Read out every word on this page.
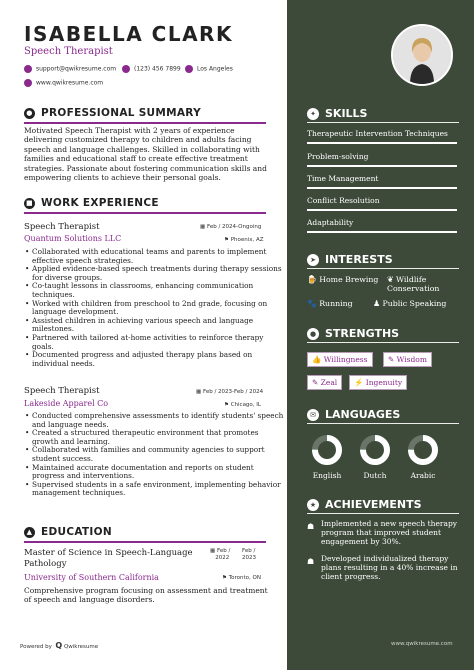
ISABELLA CLARK
Speech Therapist
support@qwikresume.com	(123) 456 7899	Los Angeles
www.qwikresume.com
● PROFESSIONAL SUMMARY
Motivated Speech Therapist with 2 years of experience delivering customized therapy to children and adults facing speech and language challenges. Skilled in collaborating with families and educational staff to create effective treatment strategies. Passionate about fostering communication skills and empowering clients to achieve their personal goals.
■ WORK EXPERIENCE
Speech Therapist	▦ Feb / 2024-Ongoing
Quantum Solutions LLC	⚑ Phoenix, AZ
• Collaborated with educational teams and parents to implement effective speech strategies.
• Applied evidence-based speech treatments during therapy sessions for diverse groups.
• Co-taught lessons in classrooms, enhancing communication techniques.
• Worked with children from preschool to 2nd grade, focusing on language development.
• Assisted children in achieving various speech and language milestones.
• Partnered with tailored at-home activities to reinforce therapy goals.
• Documented progress and adjusted therapy plans based on individual needs.
Speech Therapist	▦ Feb / 2023-Feb / 2024
Lakeside Apparel Co	⚑ Chicago, IL
• Conducted comprehensive assessments to identify students' speech and language needs.
• Created a structured therapeutic environment that promotes growth and learning.
• Collaborated with families and community agencies to support student success.
• Maintained accurate documentation and reports on student progress and interventions.
• Supervised students in a safe environment, implementing behavior management techniques.
▲ EDUCATION
Master of Science in Speech-Language Pathology
▦ Feb /
2022
Feb /
2023
University of Southern California	⚑ Toronto, ON
Comprehensive program focusing on assessment and treatment of speech and language disorders.
Powered by Q Qwikresume
✦ SKILLS
Therapeutic Intervention Techniques
Problem-solving
Time Management
Conflict Resolution
Adaptability
➤ INTERESTS
🍺 Home Brewing ❦ Wildlife Conservation
🐾 Running	♟ Public Speaking
● STRENGTHS
👍 Willingness	✎ Wisdom
✎ Zeal	⚡ Ingenuity
✉ LANGUAGES
English	Dutch	Arabic
★ ACHIEVEMENTS
☗ Implemented a new speech therapy program that improved student engagement by 30%.
☗ Developed individualized therapy plans resulting in a 40% increase in client progress.
www.qwikresume.com
